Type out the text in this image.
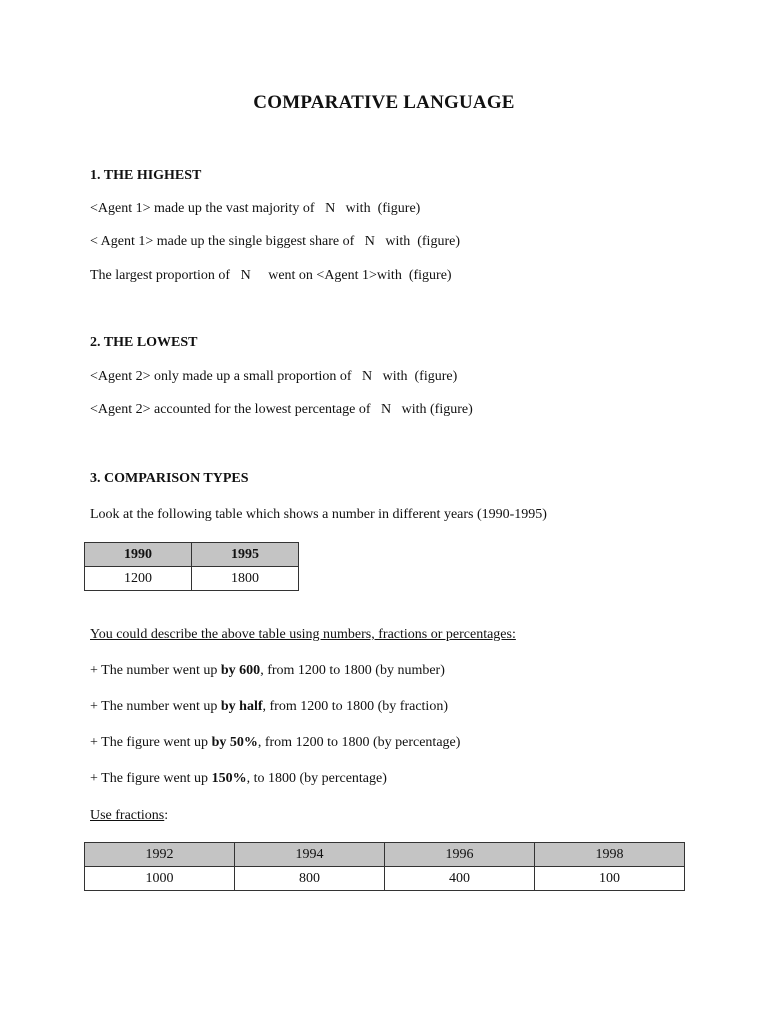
COMPARATIVE LANGUAGE
1. THE HIGHEST
<Agent 1> made up the vast majority of   N   with  (figure)
< Agent 1> made up the single biggest share of   N   with  (figure)
The largest proportion of   N     went on <Agent 1>with  (figure)
2. THE LOWEST
<Agent 2> only made up a small proportion of   N   with  (figure)
<Agent 2> accounted for the lowest percentage of   N   with (figure)
3. COMPARISON TYPES
Look at the following table which shows a number in different years (1990-1995)
1990	1995
1200	1800
You could describe the above table using numbers, fractions or percentages:
+ The number went up by 600, from 1200 to 1800 (by number)
+ The number went up by half, from 1200 to 1800 (by fraction)
+ The figure went up by 50%, from 1200 to 1800 (by percentage)
+ The figure went up 150%, to 1800 (by percentage)
Use fractions:
1992	1994	1996	1998
1000	800	400	100
